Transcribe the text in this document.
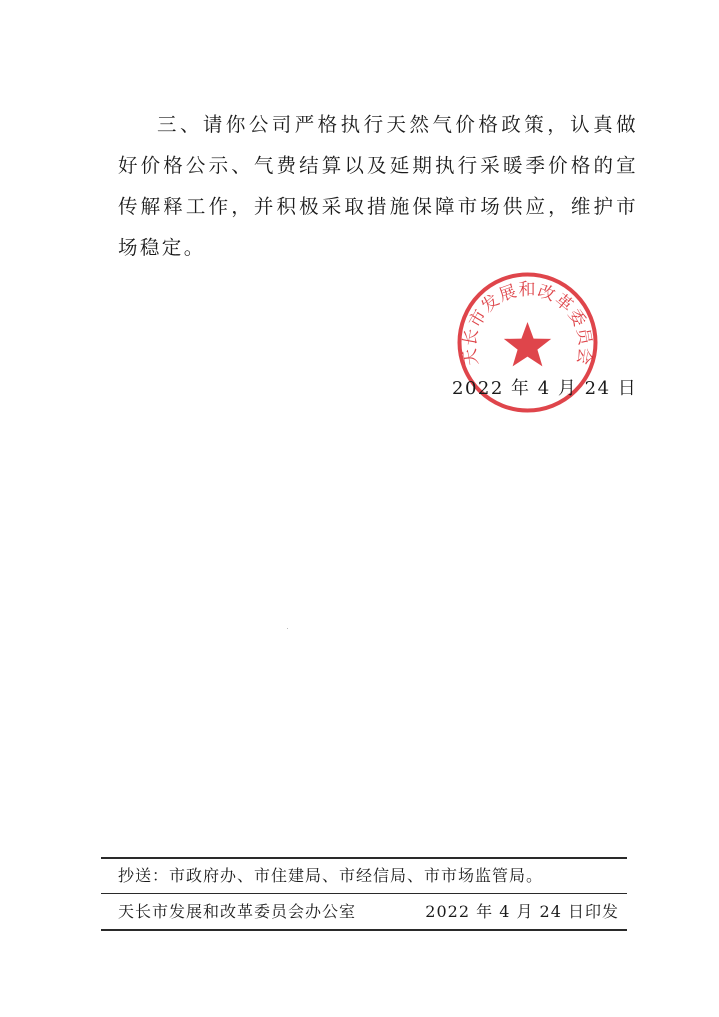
三、请你公司严格执行天然气价格政策，认真做好价格公示、气费结算以及延期执行采暖季价格的宣传解释工作，并积极采取措施保障市场供应，维护市场稳定。

天长市发展和改革委员会
2022 年 4 月 24 日
抄送：市政府办、市住建局、市经信局、市市场监管局。
天长市发展和改革委员会办公室	2022 年 4 月 24 日印发
